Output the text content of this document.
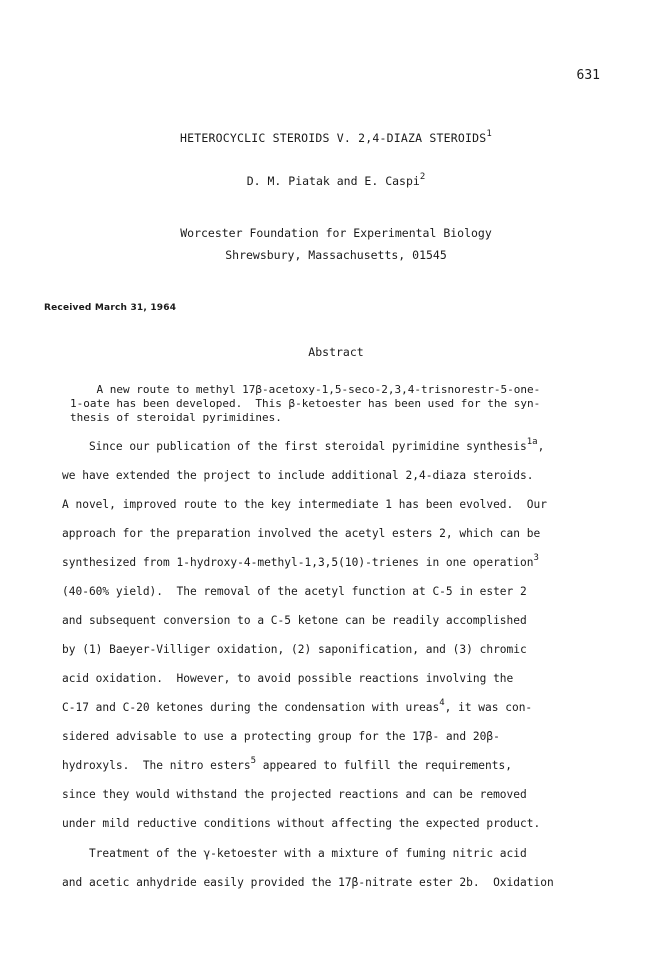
631
HETEROCYCLIC STEROIDS V. 2,4-DIAZA STEROIDS$^1$
D. M. Piatak and E. Caspi$^2$
Worcester Foundation for Experimental Biology
Shrewsbury, Massachusetts, 01545
Received March 31, 1964
Abstract
A new route to methyl 17β-acetoxy-1,5-seco-2,3,4-trisnorestr-5-one-
1-oate has been developed.  This β-ketoester has been used for the syn-
thesis of steroidal pyrimidines.
Since our publication of the first steroidal pyrimidine synthesis$^{1a}$,
we have extended the project to include additional 2,4-diaza steroids.
A novel, improved route to the key intermediate 1 has been evolved.  Our
approach for the preparation involved the acetyl esters 2, which can be
synthesized from 1-hydroxy-4-methyl-1,3,5(10)-trienes in one operation$^3$
(40-60% yield).  The removal of the acetyl function at C-5 in ester 2
and subsequent conversion to a C-5 ketone can be readily accomplished
by (1) Baeyer-Villiger oxidation, (2) saponification, and (3) chromic
acid oxidation.  However, to avoid possible reactions involving the
C-17 and C-20 ketones during the condensation with ureas$^4$, it was con-
sidered advisable to use a protecting group for the 17β- and 20β-
hydroxyls.  The nitro esters$^5$ appeared to fulfill the requirements,
since they would withstand the projected reactions and can be removed
under mild reductive conditions without affecting the expected product.
Treatment of the γ-ketoester with a mixture of fuming nitric acid
and acetic anhydride easily provided the 17β-nitrate ester 2b.  Oxidation
